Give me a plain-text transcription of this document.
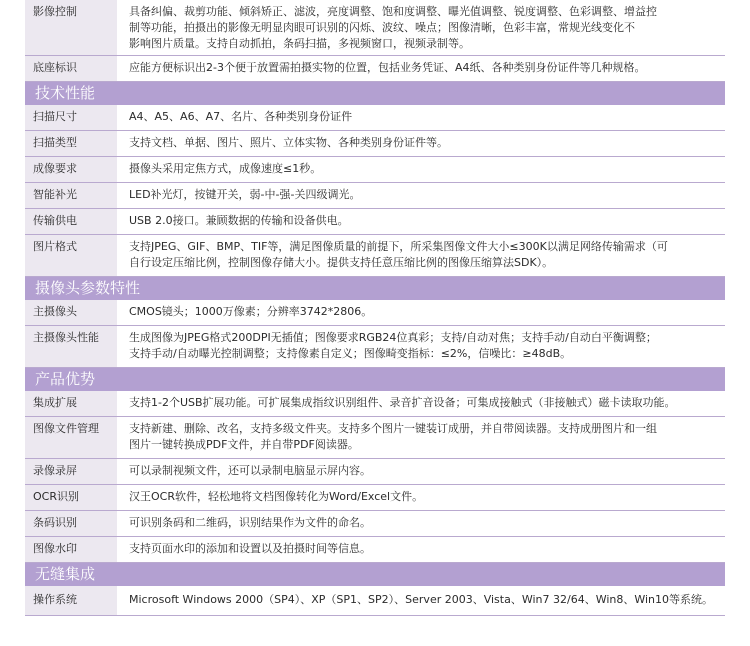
影像控制	具备纠偏、裁剪功能、倾斜矫正、滤波，亮度调整、饱和度调整、曝光值调整、锐度调整、色彩调整、增益控
制等功能，拍摄出的影像无明显肉眼可识别的闪烁、波纹、噪点；图像清晰，色彩丰富，常规光线变化不
影响图片质量。支持自动抓拍，条码扫描，多视频窗口，视频录制等。
底座标识	应能方便标识出2-3个便于放置需拍摄实物的位置，包括业务凭证、A4纸、各种类别身份证件等几种规格。
技术性能
扫描尺寸	A4、A5、A6、A7、名片、各种类别身份证件
扫描类型	支持文档、单据、图片、照片、立体实物、各种类别身份证件等。
成像要求	摄像头采用定焦方式，成像速度≤1秒。
智能补光	LED补光灯，按键开关，弱-中-强-关四级调光。
传输供电	USB 2.0接口。兼顾数据的传输和设备供电。
图片格式	支持JPEG、GIF、BMP、TIF等，满足图像质量的前提下，所采集图像文件大小≤300K以满足网络传输需求（可
自行设定压缩比例，控制图像存储大小。提供支持任意压缩比例的图像压缩算法SDK）。
摄像头参数特性
主摄像头	CMOS镜头；1000万像素；分辨率3742*2806。
主摄像头性能	生成图像为JPEG格式200DPI无插值；图像要求RGB24位真彩；支持/自动对焦；支持手动/自动白平衡调整；
支持手动/自动曝光控制调整；支持像素自定义；图像畸变指标：≤2%，信噪比：≥48dB。
产品优势
集成扩展	支持1-2个USB扩展功能。可扩展集成指纹识别组件、录音扩音设备；可集成接触式（非接触式）磁卡读取功能。
图像文件管理	支持新建、删除、改名，支持多级文件夹。支持多个图片一键装订成册，并自带阅读器。支持成册图片和一组
图片一键转换成PDF文件，并自带PDF阅读器。
录像录屏	可以录制视频文件，还可以录制电脑显示屏内容。
OCR识别	汉王OCR软件，轻松地将文档图像转化为Word/Excel文件。
条码识别	可识别条码和二维码，识别结果作为文件的命名。
图像水印	支持页面水印的添加和设置以及拍摄时间等信息。
无缝集成
操作系统	Microsoft Windows 2000（SP4）、XP（SP1、SP2）、Server 2003、Vista、Win7 32/64、Win8、Win10等系统。
